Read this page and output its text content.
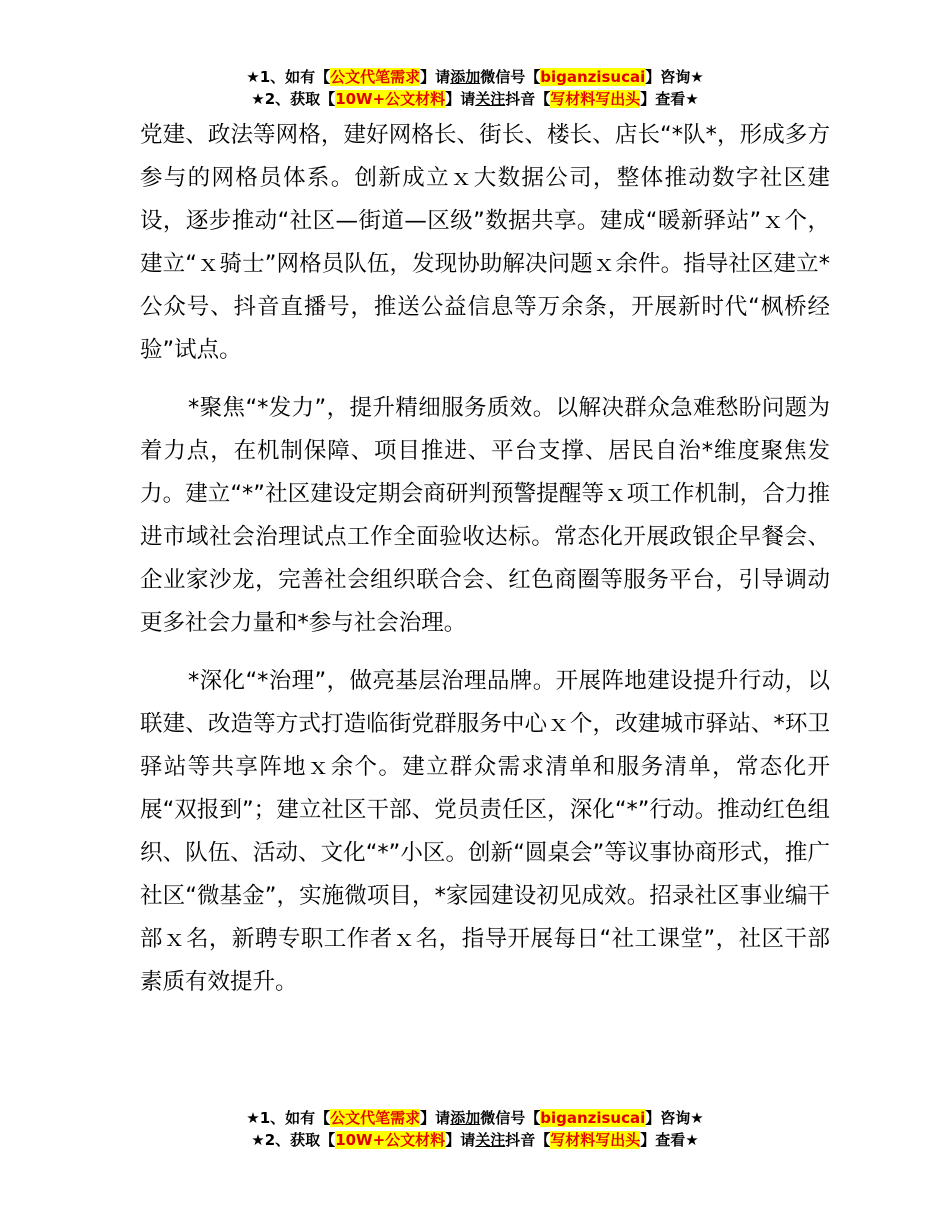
★1、如有【公文代笔需求】请添加微信号【biganzisucai】咨询★
★2、获取【10W+公文材料】请关注抖音【写材料写出头】查看★

党建、政法等网格，建好网格长、街长、楼长、店长“*队*，形成多方参与的网格员体系。创新成立ｘ大数据公司，整体推动数字社区建设，逐步推动“社区—街道—区级”数据共享。建成“暖新驿站”ｘ个，建立“ｘ骑士”网格员队伍，发现协助解决问题ｘ余件。指导社区建立*公众号、抖音直播号，推送公益信息等万余条，开展新时代“枫桥经验”试点。

*聚焦“*发力”，提升精细服务质效。以解决群众急难愁盼问题为着力点，在机制保障、项目推进、平台支撑、居民自治*维度聚焦发力。建立“*”社区建设定期会商研判预警提醒等ｘ项工作机制，合力推进市域社会治理试点工作全面验收达标。常态化开展政银企早餐会、企业家沙龙，完善社会组织联合会、红色商圈等服务平台，引导调动更多社会力量和*参与社会治理。

*深化“*治理”，做亮基层治理品牌。开展阵地建设提升行动，以联建、改造等方式打造临街党群服务中心ｘ个，改建城市驿站、*环卫驿站等共享阵地ｘ余个。建立群众需求清单和服务清单，常态化开展“双报到”；建立社区干部、党员责任区，深化“*”行动。推动红色组织、队伍、活动、文化“*”小区。创新“圆桌会”等议事协商形式，推广社区“微基金”，实施微项目，*家园建设初见成效。招录社区事业编干部ｘ名，新聘专职工作者ｘ名，指导开展每日“社工课堂”，社区干部素质有效提升。

★1、如有【公文代笔需求】请添加微信号【biganzisucai】咨询★
★2、获取【10W+公文材料】请关注抖音【写材料写出头】查看★
